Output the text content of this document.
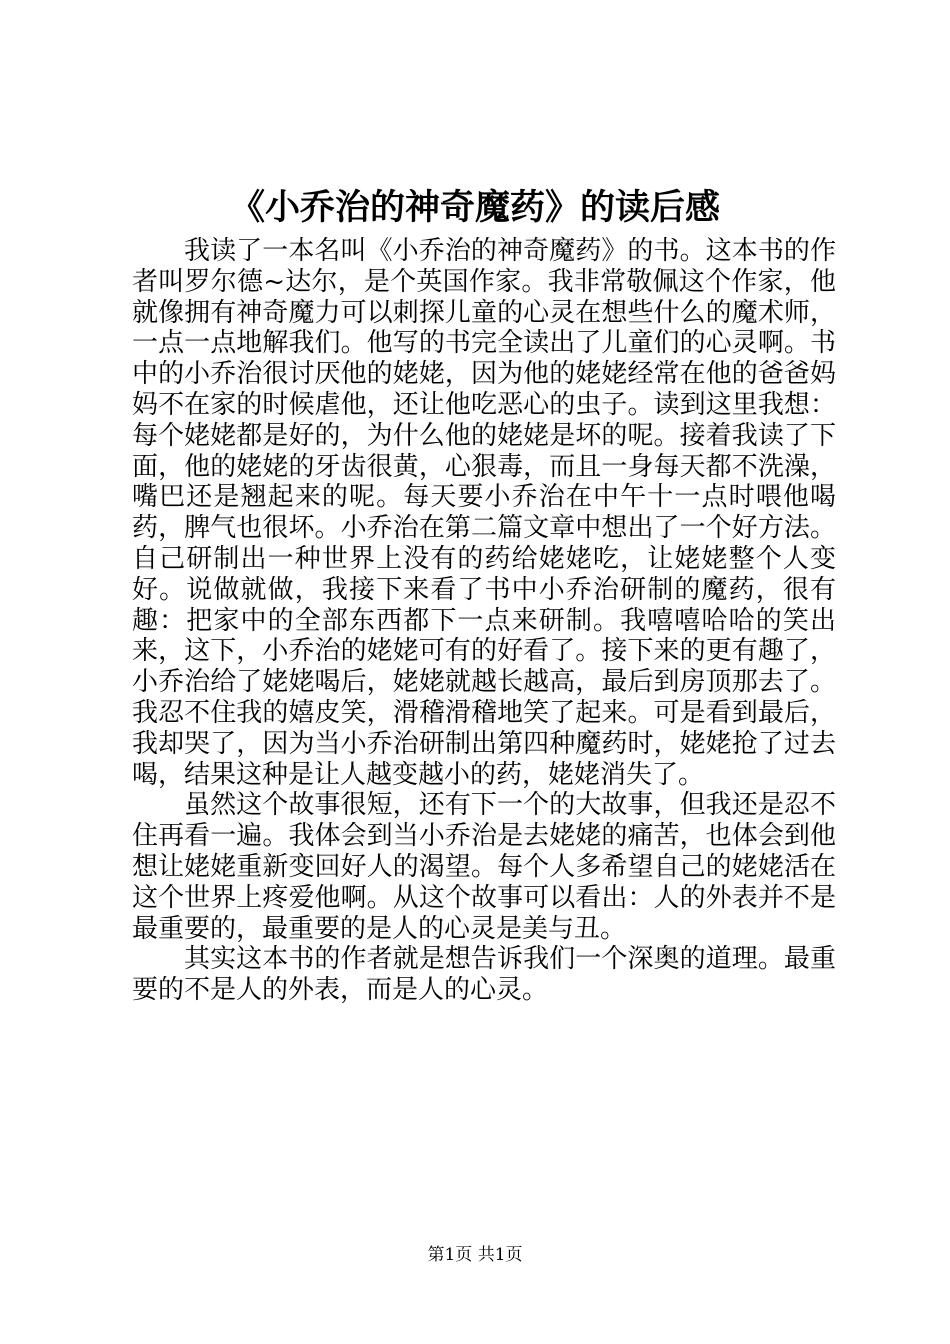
《小乔治的神奇魔药》的读后感

我读了一本名叫《小乔治的神奇魔药》的书。这本书的作者叫罗尔德~达尔，是个英国作家。我非常敬佩这个作家，他就像拥有神奇魔力可以刺探儿童的心灵在想些什么的魔术师，一点一点地解我们。他写的书完全读出了儿童们的心灵啊。书中的小乔治很讨厌他的姥姥，因为他的姥姥经常在他的爸爸妈妈不在家的时候虐他，还让他吃恶心的虫子。读到这里我想：每个姥姥都是好的，为什么他的姥姥是坏的呢。接着我读了下面，他的姥姥的牙齿很黄，心狠毒，而且一身每天都不洗澡，嘴巴还是翘起来的呢。每天要小乔治在中午十一点时喂他喝药，脾气也很坏。小乔治在第二篇文章中想出了一个好方法。自己研制出一种世界上没有的药给姥姥吃，让姥姥整个人变好。说做就做，我接下来看了书中小乔治研制的魔药，很有趣：把家中的全部东西都下一点来研制。我嘻嘻哈哈的笑出来，这下，小乔治的姥姥可有的好看了。接下来的更有趣了，小乔治给了姥姥喝后，姥姥就越长越高，最后到房顶那去了。我忍不住我的嬉皮笑，滑稽滑稽地笑了起来。可是看到最后，我却哭了，因为当小乔治研制出第四种魔药时，姥姥抢了过去喝，结果这种是让人越变越小的药，姥姥消失了。

虽然这个故事很短，还有下一个的大故事，但我还是忍不住再看一遍。我体会到当小乔治是去姥姥的痛苦，也体会到他想让姥姥重新变回好人的渴望。每个人多希望自己的姥姥活在这个世界上疼爱他啊。从这个故事可以看出：人的外表并不是最重要的，最重要的是人的心灵是美与丑。

其实这本书的作者就是想告诉我们一个深奥的道理。最重要的不是人的外表，而是人的心灵。

第1页 共1页
